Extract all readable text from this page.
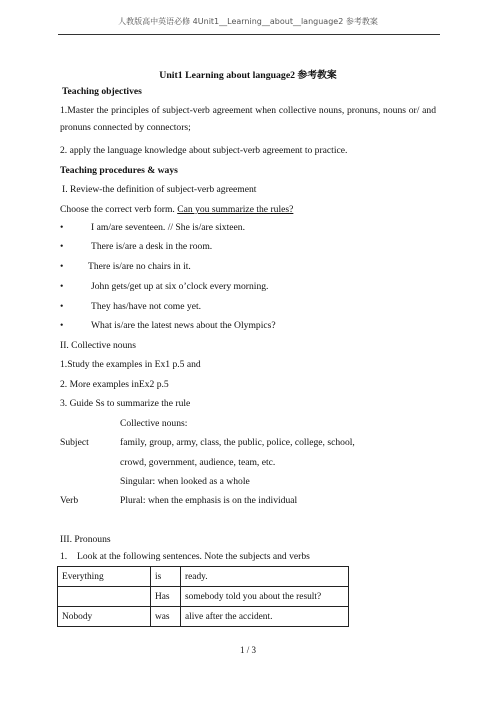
人教版高中英语必修 4Unit1__Learning__about__language2 参考教案
Unit1 Learning about language2 参考教案
Teaching objectives
1.Master the principles of subject-verb agreement when collective nouns, pronuns, nouns or/ and pronuns connected by connectors;
2. apply the language knowledge about subject-verb agreement to practice.
Teaching procedures & ways
I. Review-the definition of subject-verb agreement
Choose the correct verb form. Can you summarize the rules?
•	I am/are seventeen. // She is/are sixteen.
•	There is/are a desk in the room.
•	There is/are no chairs in it.
•	John gets/get up at six o’clock every morning.
•	They has/have not come yet.
•	What is/are the latest news about the Olympics?
II. Collective nouns
1.Study the examples in Ex1 p.5 and
2. More examples inEx2 p.5
3. Guide Ss to summarize the rule
Collective nouns:
Subject	family, group, army, class, the public, police, college, school,
crowd, government, audience, team, etc.
Singular: when looked as a whole
Verb	Plural: when the emphasis is on the individual
III. Pronouns
1. Look at the following sentences. Note the subjects and verbs
Everything	is	ready.
	Has	somebody told you about the result?
Nobody	was	alive after the accident.
1 / 3
